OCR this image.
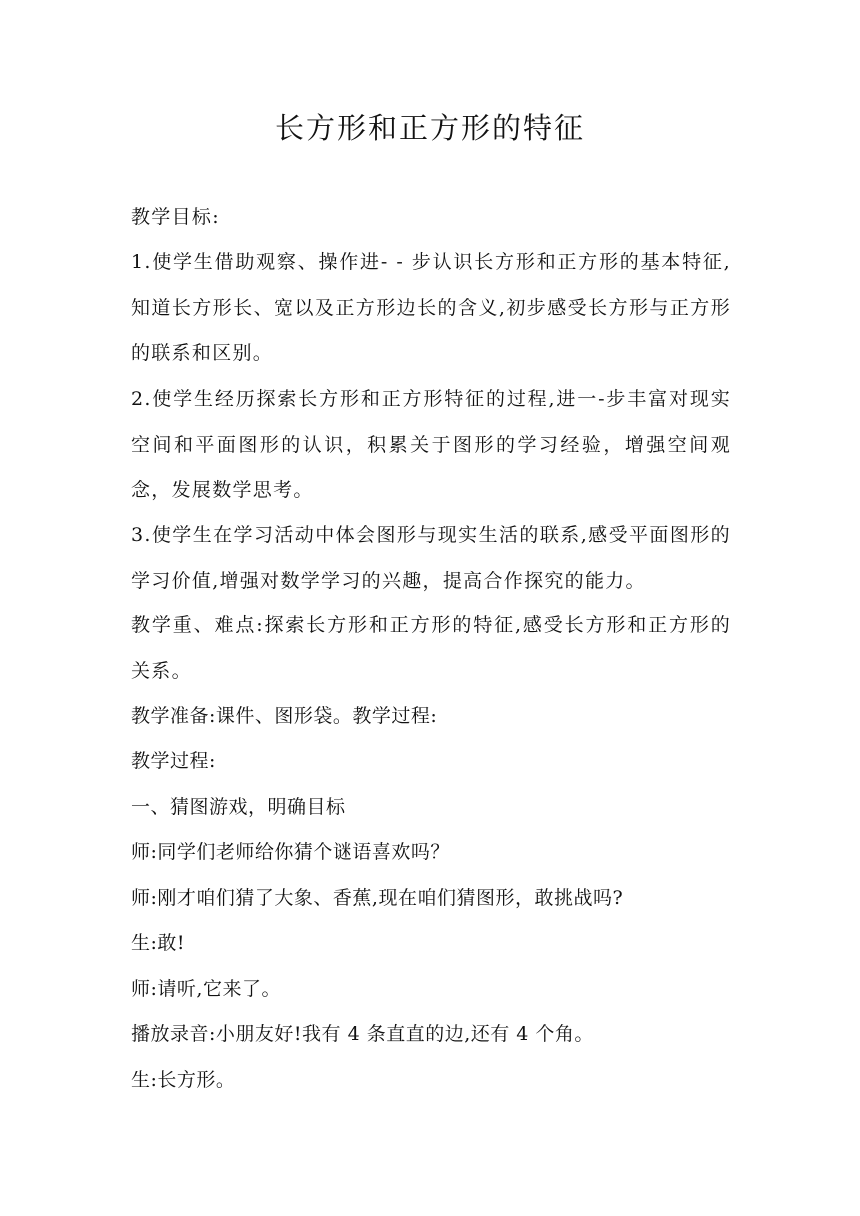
长方形和正方形的特征
教学目标:
1.使学生借助观察、操作进- - 步认识长方形和正方形的基本特征,知道长方形长、宽以及正方形边长的含义,初步感受长方形与正方形的联系和区别。
2.使学生经历探索长方形和正方形特征的过程,进一-步丰富对现实空间和平面图形的认识，积累关于图形的学习经验，增强空间观念，发展数学思考。
3.使学生在学习活动中体会图形与现实生活的联系,感受平面图形的学习价值,增强对数学学习的兴趣，提高合作探究的能力。
教学重、难点:探索长方形和正方形的特征,感受长方形和正方形的关系。
教学准备:课件、图形袋。教学过程:
教学过程:
一、猜图游戏，明确目标
师:同学们老师给你猜个谜语喜欢吗？
师:刚才咱们猜了大象、香蕉,现在咱们猜图形，敢挑战吗?
生:敢!
师:请听,它来了。
播放录音:小朋友好!我有 4 条直直的边,还有 4 个角。
生:长方形。
